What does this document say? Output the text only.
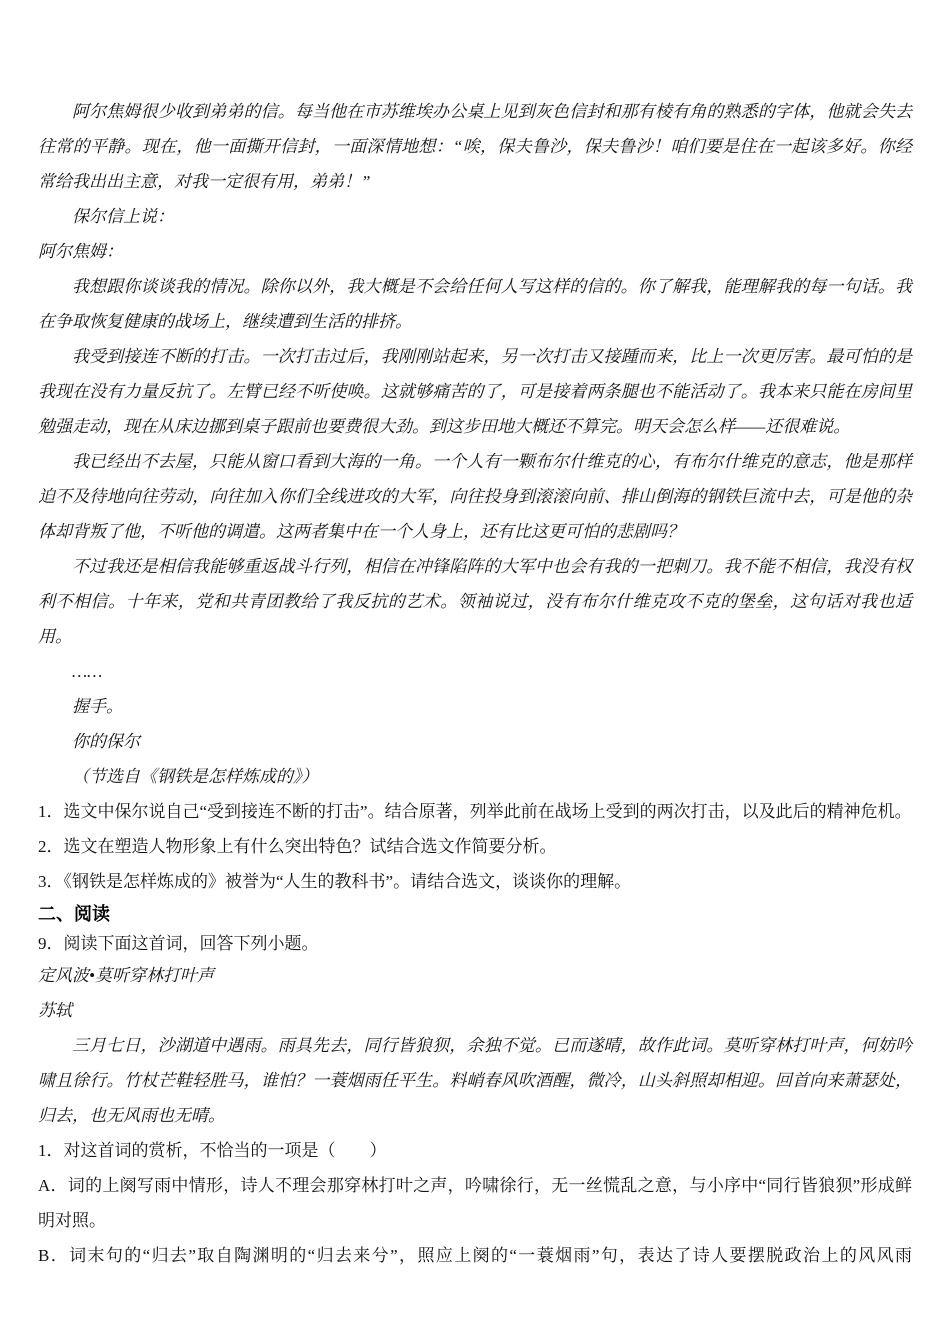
阿尔焦姆很少收到弟弟的信。每当他在市苏维埃办公桌上见到灰色信封和那有棱有角的熟悉的字体，他就会失去往常的平静。现在，他一面撕开信封，一面深情地想：“唉，保夫鲁沙，保夫鲁沙！咱们要是住在一起该多好。你经常给我出出主意，对我一定很有用，弟弟！”

保尔信上说：

阿尔焦姆：

我想跟你谈谈我的情况。除你以外，我大概是不会给任何人写这样的信的。你了解我，能理解我的每一句话。我在争取恢复健康的战场上，继续遭到生活的排挤。

我受到接连不断的打击。一次打击过后，我刚刚站起来，另一次打击又接踵而来，比上一次更厉害。最可怕的是我现在没有力量反抗了。左臂已经不听使唤。这就够痛苦的了，可是接着两条腿也不能活动了。我本来只能在房间里勉强走动，现在从床边挪到桌子跟前也要费很大劲。到这步田地大概还不算完。明天会怎么样——还很难说。

我已经出不去屋，只能从窗口看到大海的一角。一个人有一颗布尔什维克的心，有布尔什维克的意志，他是那样迫不及待地向往劳动，向往加入你们全线进攻的大军，向往投身到滚滚向前、排山倒海的钢铁巨流中去，可是他的杂体却背叛了他，不听他的调遣。这两者集中在一个人身上，还有比这更可怕的悲剧吗？

不过我还是相信我能够重返战斗行列，相信在冲锋陷阵的大军中也会有我的一把刺刀。我不能不相信，我没有权利不相信。十年来，党和共青团教给了我反抗的艺术。领袖说过，没有布尔什维克攻不克的堡垒，这句话对我也适用。

……

握手。

你的保尔

（节选自《钢铁是怎样炼成的》）

1．选文中保尔说自己“受到接连不断的打击”。结合原著，列举此前在战场上受到的两次打击，以及此后的精神危机。

2．选文在塑造人物形象上有什么突出特色？试结合选文作简要分析。

3．《钢铁是怎样炼成的》被誉为“人生的教科书”。请结合选文，谈谈你的理解。

二、阅读

9．阅读下面这首词，回答下列小题。

定风波•莫听穿林打叶声

苏轼

三月七日，沙湖道中遇雨。雨具先去，同行皆狼狈，余独不觉。已而遂晴，故作此词。莫听穿林打叶声，何妨吟啸且徐行。竹杖芒鞋轻胜马，谁怕？一蓑烟雨任平生。料峭春风吹酒醒，微冷，山头斜照却相迎。回首向来萧瑟处，归去，也无风雨也无晴。

1．对这首词的赏析，不恰当的一项是（　　）

A．词的上阕写雨中情形，诗人不理会那穿林打叶之声，吟啸徐行，无一丝慌乱之意，与小序中“同行皆狼狈”形成鲜明对照。

B．词末句的“归去”取自陶渊明的“归去来兮”，照应上阕的“一蓑烟雨”句，表达了诗人要摆脱政治上的风风雨
